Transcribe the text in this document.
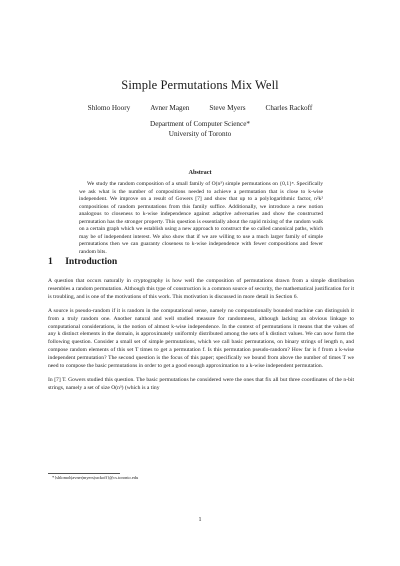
Simple Permutations Mix Well
Shlomo Hoory	Avner Magen	Steve Myers	Charles Rackoff
Department of Computer Science*
University of Toronto
Abstract

We study the random composition of a small family of O(n³) simple permutations on {0,1}ⁿ. Specifically we ask what is the number of compositions needed to achieve a permutation that is close to k-wise independent. We improve on a result of Gowers [7] and show that up to a polylogarithmic factor, n²k² compositions of random permutations from this family suffice. Additionally, we introduce a new notion analogous to closeness to k-wise independence against adaptive adversaries and show the constructed permutation has the stronger property. This question is essentially about the rapid mixing of the random walk on a certain graph which we establish using a new approach to construct the so called canonical paths, which may be of independent interest. We also show that if we are willing to use a much larger family of simple permutations then we can guaranty closeness to k-wise independence with fewer compositions and fewer random bits.

1 Introduction

A question that occurs naturally in cryptography is how well the composition of permutations drawn from a simple distribution resembles a random permutation. Although this type of construction is a common source of security, the mathematical justification for it is troubling, and is one of the motivations of this work. This motivation is discussed in more detail in Section 6.

A source is pseudo-random if it is random in the computational sense, namely no computationally bounded machine can distinguish it from a truly random one. Another natural and well studied measure for randomness, although lacking an obvious linkage to computational considerations, is the notion of almost k-wise independence. In the context of permutations it means that the values of any k distinct elements in the domain, is approximately uniformly distributed among the sets of k distinct values. We can now form the following question. Consider a small set of simple permutations, which we call basic permutations, on binary strings of length n, and compose random elements of this set T times to get a permutation f. Is this permutation pseudo-random? How far is f from a k-wise independent permutation? The second question is the focus of this paper; specifically we bound from above the number of times T we need to compose the basic permutations in order to get a good enough approximation to a k-wise independent permutation.

In [7] T. Gowers studied this question. The basic permutations he considered were the ones that fix all but three coordinates of the n-bit strings, namely a set of size O(n³) (which is a tiny

*{shlomoh|avner|myers|rackoff}@cs.toronto.edu
1
